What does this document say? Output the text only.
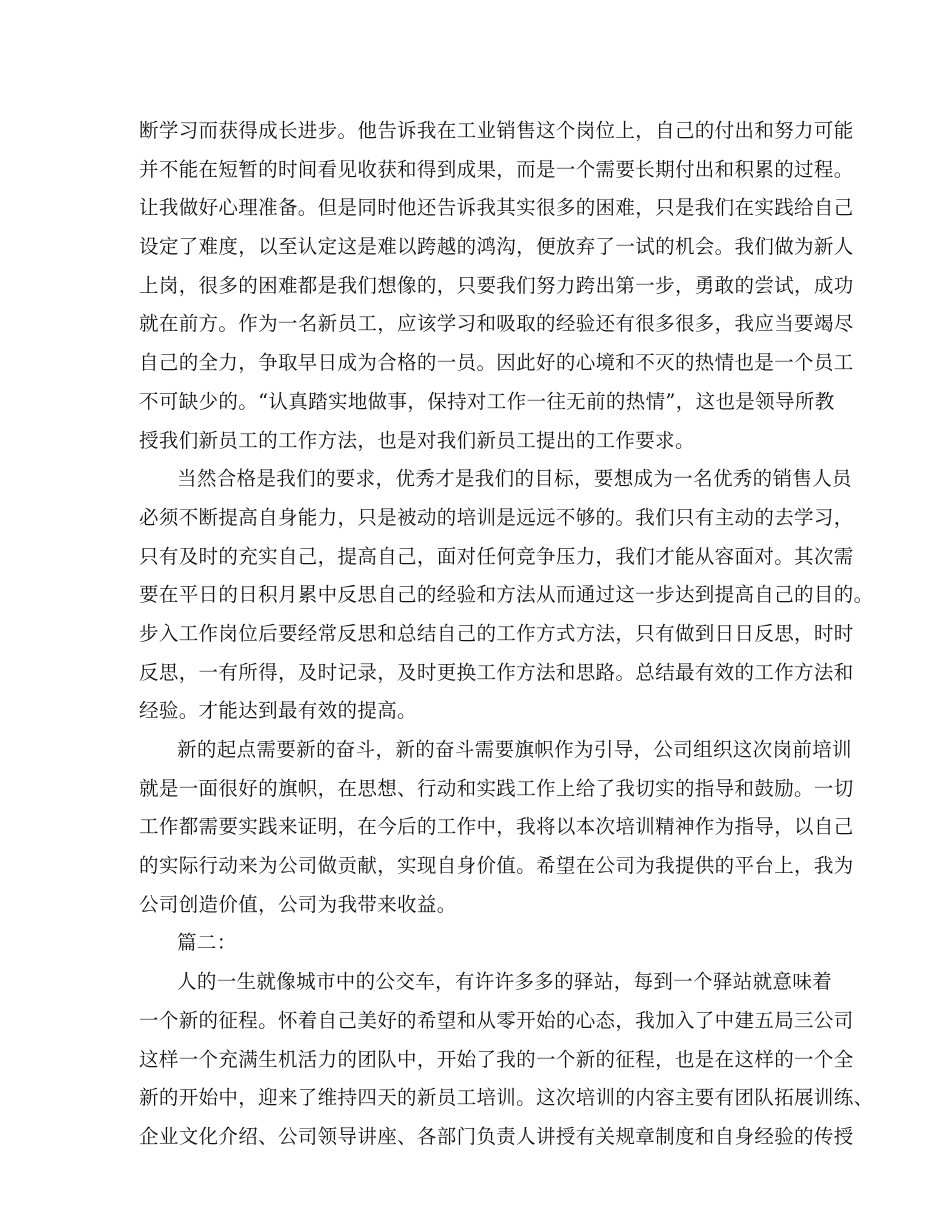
断学习而获得成长进步。他告诉我在工业销售这个岗位上，自己的付出和努力可能
并不能在短暂的时间看见收获和得到成果，而是一个需要长期付出和积累的过程。
让我做好心理准备。但是同时他还告诉我其实很多的困难，只是我们在实践给自己
设定了难度，以至认定这是难以跨越的鸿沟，便放弃了一试的机会。我们做为新人
上岗，很多的困难都是我们想像的，只要我们努力跨出第一步，勇敢的尝试，成功
就在前方。作为一名新员工，应该学习和吸取的经验还有很多很多，我应当要竭尽
自己的全力，争取早日成为合格的一员。因此好的心境和不灭的热情也是一个员工
不可缺少的。“认真踏实地做事，保持对工作一往无前的热情”，这也是领导所教
授我们新员工的工作方法，也是对我们新员工提出的工作要求。
当然合格是我们的要求，优秀才是我们的目标，要想成为一名优秀的销售人员
必须不断提高自身能力，只是被动的培训是远远不够的。我们只有主动的去学习，
只有及时的充实自己，提高自己，面对任何竞争压力，我们才能从容面对。其次需
要在平日的日积月累中反思自己的经验和方法从而通过这一步达到提高自己的目的。
步入工作岗位后要经常反思和总结自己的工作方式方法，只有做到日日反思，时时
反思，一有所得，及时记录，及时更换工作方法和思路。总结最有效的工作方法和
经验。才能达到最有效的提高。
新的起点需要新的奋斗，新的奋斗需要旗帜作为引导，公司组织这次岗前培训
就是一面很好的旗帜，在思想、行动和实践工作上给了我切实的指导和鼓励。一切
工作都需要实践来证明，在今后的工作中，我将以本次培训精神作为指导，以自己
的实际行动来为公司做贡献，实现自身价值。希望在公司为我提供的平台上，我为
公司创造价值，公司为我带来收益。
篇二：
人的一生就像城市中的公交车，有许许多多的驿站，每到一个驿站就意味着
一个新的征程。怀着自己美好的希望和从零开始的心态，我加入了中建五局三公司
这样一个充满生机活力的团队中，开始了我的一个新的征程，也是在这样的一个全
新的开始中，迎来了维持四天的新员工培训。这次培训的内容主要有团队拓展训练、
企业文化介绍、公司领导讲座、各部门负责人讲授有关规章制度和自身经验的传授
